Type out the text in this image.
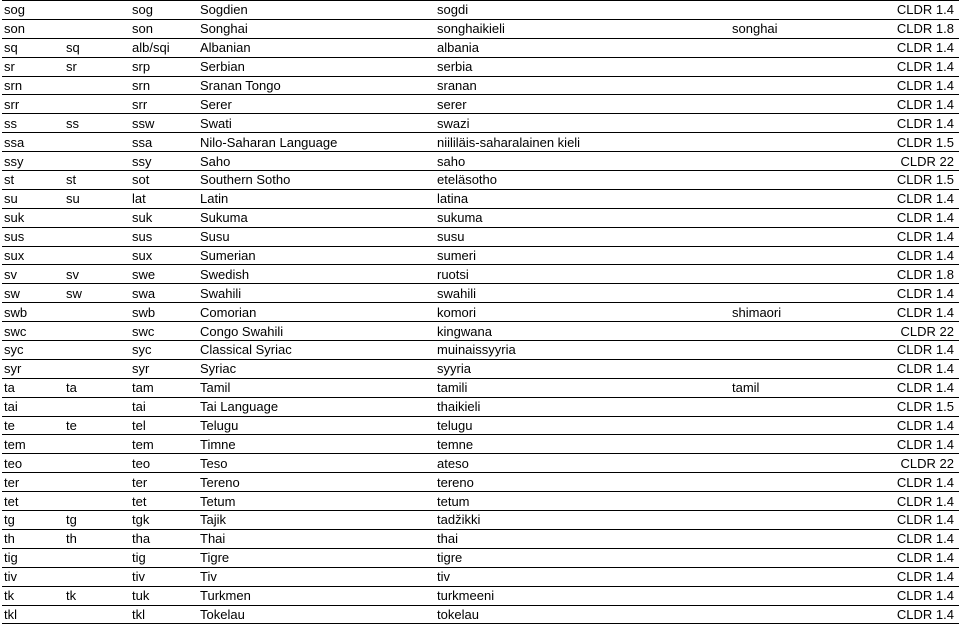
sog		sog	Sogdien	sogdi		CLDR 1.4
son		son	Songhai	songhaikieli	songhai	CLDR 1.8
sq	sq	alb/sqi	Albanian	albania		CLDR 1.4
sr	sr	srp	Serbian	serbia		CLDR 1.4
srn		srn	Sranan Tongo	sranan		CLDR 1.4
srr		srr	Serer	serer		CLDR 1.4
ss	ss	ssw	Swati	swazi		CLDR 1.4
ssa		ssa	Nilo-Saharan Language	niililäis-saharalainen kieli		CLDR 1.5
ssy		ssy	Saho	saho		CLDR 22
st	st	sot	Southern Sotho	eteläsotho		CLDR 1.5
su	su	lat	Latin	latina		CLDR 1.4
suk		suk	Sukuma	sukuma		CLDR 1.4
sus		sus	Susu	susu		CLDR 1.4
sux		sux	Sumerian	sumeri		CLDR 1.4
sv	sv	swe	Swedish	ruotsi		CLDR 1.8
sw	sw	swa	Swahili	swahili		CLDR 1.4
swb		swb	Comorian	komori	shimaori	CLDR 1.4
swc		swc	Congo Swahili	kingwana		CLDR 22
syc		syc	Classical Syriac	muinaissyyria		CLDR 1.4
syr		syr	Syriac	syyria		CLDR 1.4
ta	ta	tam	Tamil	tamili	tamil	CLDR 1.4
tai		tai	Tai Language	thaikieli		CLDR 1.5
te	te	tel	Telugu	telugu		CLDR 1.4
tem		tem	Timne	temne		CLDR 1.4
teo		teo	Teso	ateso		CLDR 22
ter		ter	Tereno	tereno		CLDR 1.4
tet		tet	Tetum	tetum		CLDR 1.4
tg	tg	tgk	Tajik	tadžikki		CLDR 1.4
th	th	tha	Thai	thai		CLDR 1.4
tig		tig	Tigre	tigre		CLDR 1.4
tiv		tiv	Tiv	tiv		CLDR 1.4
tk	tk	tuk	Turkmen	turkmeeni		CLDR 1.4
tkl		tkl	Tokelau	tokelau		CLDR 1.4
